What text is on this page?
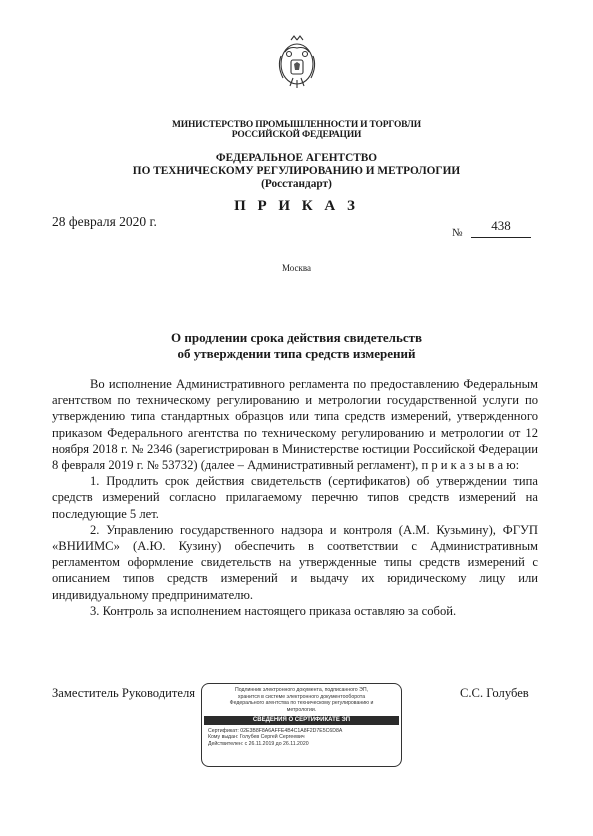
МИНИСТЕРСТВО ПРОМЫШЛЕННОСТИ И ТОРГОВЛИ
РОССИЙСКОЙ ФЕДЕРАЦИИ
ФЕДЕРАЛЬНОЕ АГЕНТСТВО
ПО ТЕХНИЧЕСКОМУ РЕГУЛИРОВАНИЮ И МЕТРОЛОГИИ
(Росстандарт)
П Р И К А З
28 февраля 2020 г.
№	438
Москва
О продлении срока действия свидетельств
об утверждении типа средств измерений

Во исполнение Административного регламента по предоставлению Федеральным агентством по техническому регулированию и метрологии государственной услуги по утверждению типа стандартных образцов или типа средств измерений, утвержденного приказом Федерального агентства по техническому регулированию и метрологии от 12 ноября 2018 г. № 2346 (зарегистрирован в Министерстве юстиции Российской Федерации 8 февраля 2019 г. № 53732) (далее – Административный регламент), п р и к а з ы в а ю:

1. Продлить срок действия свидетельств (сертификатов) об утверждении типа средств измерений согласно прилагаемому перечню типов средств измерений на последующие 5 лет.

2. Управлению государственного надзора и контроля (А.М. Кузьмину), ФГУП «ВНИИМС» (А.Ю. Кузину) обеспечить в соответствии с Административным регламентом оформление свидетельств на утвержденные типы средств измерений с описанием типов средств измерений и выдачу их юридическому лицу или индивидуальному предпринимателю.

3. Контроль за исполнением настоящего приказа оставляю за собой.

Заместитель Руководителя	С.С. Голубев
Подлинник электронного документа, подписанного ЭП,
хранится в системе электронного документооборота
Федерального агентства по техническому регулированию и
метрологии.
СВЕДЕНИЯ О СЕРТИФИКАТЕ ЭП
Сертификат: 02E3B8F8A6AFFE4B4C1A8F2D7E5C6D8A
Кому выдан: Голубев Сергей Сергеевич
Действителен: с 26.11.2019 до 26.11.2020
